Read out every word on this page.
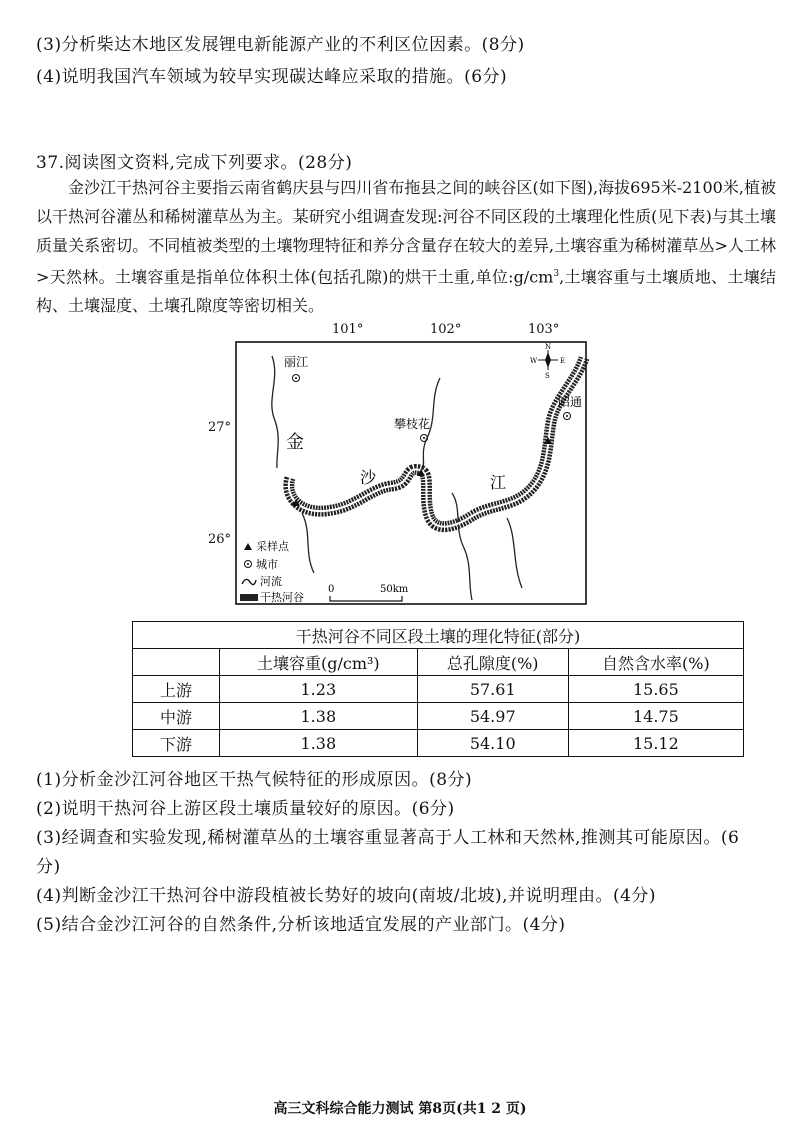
(3)分析柴达木地区发展锂电新能源产业的不利区位因素。(8分)
(4)说明我国汽车领域为较早实现碳达峰应采取的措施。(6分)
37.阅读图文资料,完成下列要求。(28分)
金沙江干热河谷主要指云南省鹤庆县与四川省布拖县之间的峡谷区(如下图),海拔695米-2100米,植被以干热河谷灌丛和稀树灌草丛为主。某研究小组调查发现:河谷不同区段的土壤理化性质(见下表)与其土壤质量关系密切。不同植被类型的土壤物理特征和养分含量存在较大的差异,土壤容重为稀树灌草丛>人工林>天然林。土壤容重是指单位体积土体(包括孔隙)的烘干土重,单位$:g/cm^3$,土壤容重与土壤质地、土壤结构、土壤湿度、土壤孔隙度等密切相关。
丽江
攀枝花
昭通
金
沙	江
N
S
W	E
采样点
城市
河流
干热河谷
0	50km
101°	102°	103°
27°
26°
干热河谷不同区段土壤的理化特征(部分)			
	土壤容重(g/cm³)	总孔隙度(%)	自然含水率(%)
上游	1.23	57.61	15.65
中游	1.38	54.97	14.75
下游	1.38	54.10	15.12
(1)分析金沙江河谷地区干热气候特征的形成原因。(8分)
(2)说明干热河谷上游区段土壤质量较好的原因。(6分)
(3)经调查和实验发现,稀树灌草丛的土壤容重显著高于人工林和天然林,推测其可能原因。(6
分)
(4)判断金沙江干热河谷中游段植被长势好的坡向(南坡/北坡),并说明理由。(4分)
(5)结合金沙江河谷的自然条件,分析该地适宜发展的产业部门。(4分)
高三文科综合能力测试 第8页(共1 2 页)
